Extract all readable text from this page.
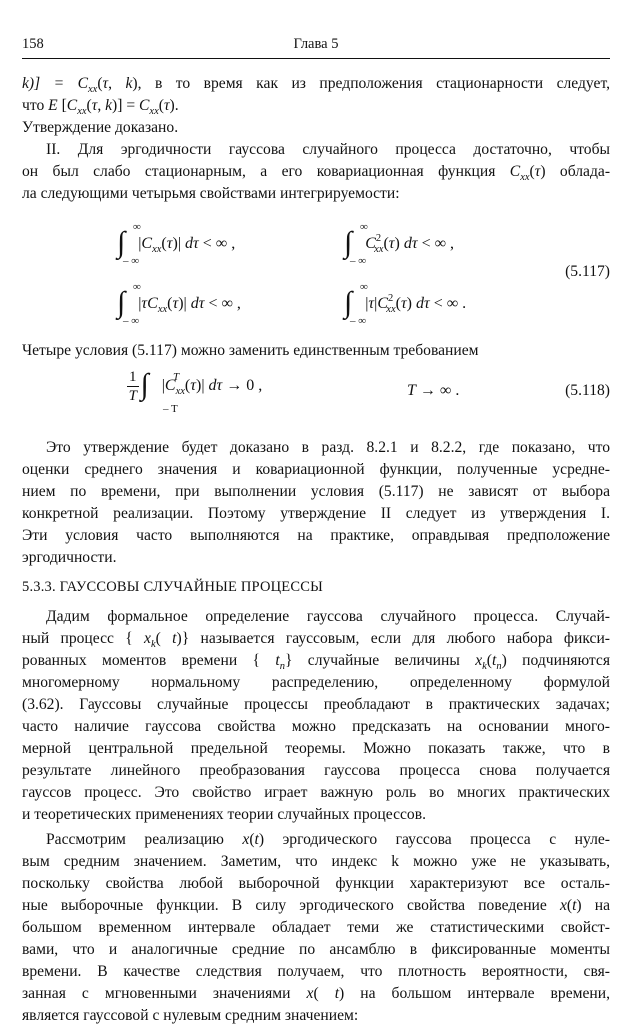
158	Глава 5
$k)] = C_{xx}(\tau$, k), в то время как из предположения стационарности следует,
что E [$C_{xx}(\tau$, $k)] = C_{xx}(\tau)$.
Утверждение доказано.
II. Для эргодичности гауссова случайного процесса достаточно, чтобы
он был слабо стационарным, а его ковариационная функция $C_{xx}(\tau)$ облада-
ла следующими четырьмя свойствами интегрируемости:
∫ ∞
– ∞
$|C_{xx}(\tau)|$ dτ < ∞ ,	∫ ∞
– ∞
$C^2_{xx}(\tau) d\tau$ < ∞ ,
(5.117)
∫ ∞
– ∞
$|\tau C_{xx}(\tau)|$ dτ < ∞ ,	∫ ∞
– ∞
$|\tau|C^2_{xx}(\tau) d\tau$ < ∞ .
Четыре условия (5.117) можно заменить единственным требованием
$\frac{1}{T}$ ∫ T
– T
$|C_{xx}(\tau)|$ dτ → 0 ,	T → ∞ .	(5.118)
Это утверждение будет доказано в разд. 8.2.1 и 8.2.2, где показано, что
оценки среднего значения и ковариационной функции, полученные усредне-
нием по времени, при выполнении условия (5.117) не зависят от выбора
конкретной реализации. Поэтому утверждение II следует из утверждения I.
Эти условия часто выполняются на практике, оправдывая предположение
эргодичности.
5.3.3. ГАУССОВЫ СЛУЧАЙНЫЕ ПРОЦЕССЫ
Дадим формальное определение гауссова случайного процесса. Случай-
ный процесс { $x_k$( t)} называется гауссовым, если для любого набора фикси-
рованных моментов времени { $t_n$} случайные величины $x_k(t_n)$ подчиняются
многомерному нормальному распределению, определенному формулой
(3.62). Гауссовы случайные процессы преобладают в практических задачах;
часто наличие гауссова свойства можно предсказать на основании много-
мерной центральной предельной теоремы. Можно показать также, что в
результате линейного преобразования гауссова процесса снова получается
гауссов процесс. Это свойство играет важную роль во многих практических
и теоретических применениях теории случайных процессов.
Рассмотрим реализацию x(t) эргодического гауссова процесса с нуле-
вым средним значением. Заметим, что индекс k можно уже не указывать,
поскольку свойства любой выборочной функции характеризуют все осталь-
ные выборочные функции. В силу эргодического свойства поведение x(t) на
большом временном интервале обладает теми же статистическими свойст-
вами, что и аналогичные средние по ансамблю в фиксированные моменты
времени. В качестве следствия получаем, что плотность вероятности, свя-
занная с мгновенными значениями x( t) на большом интервале времени,
является гауссовой с нулевым средним значением:
